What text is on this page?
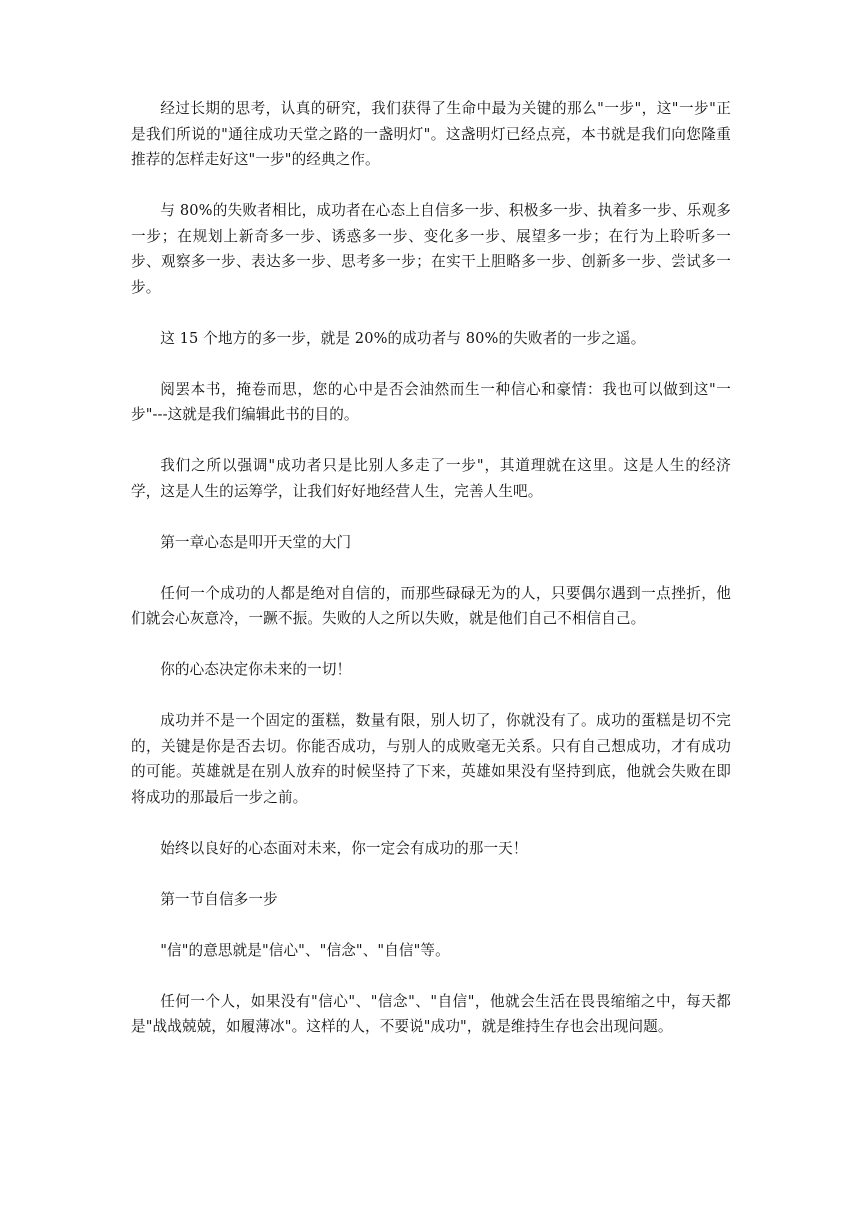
经过长期的思考，认真的研究，我们获得了生命中最为关键的那么"一步"，这"一步"正是我们所说的"通往成功天堂之路的一盏明灯"。这盏明灯已经点亮，本书就是我们向您隆重推荐的怎样走好这"一步"的经典之作。

与 80%的失败者相比，成功者在心态上自信多一步、积极多一步、执着多一步、乐观多一步；在规划上新奇多一步、诱惑多一步、变化多一步、展望多一步；在行为上聆听多一步、观察多一步、表达多一步、思考多一步；在实干上胆略多一步、创新多一步、尝试多一步。

这 15 个地方的多一步，就是 20%的成功者与 80%的失败者的一步之遥。

阅罢本书，掩卷而思，您的心中是否会油然而生一种信心和豪情：我也可以做到这"一步"---这就是我们编辑此书的目的。

我们之所以强调"成功者只是比别人多走了一步"，其道理就在这里。这是人生的经济学，这是人生的运筹学，让我们好好地经营人生，完善人生吧。

第一章心态是叩开天堂的大门

任何一个成功的人都是绝对自信的，而那些碌碌无为的人，只要偶尔遇到一点挫折，他们就会心灰意冷，一蹶不振。失败的人之所以失败，就是他们自己不相信自己。

你的心态决定你未来的一切！

成功并不是一个固定的蛋糕，数量有限，别人切了，你就没有了。成功的蛋糕是切不完的，关键是你是否去切。你能否成功，与别人的成败毫无关系。只有自己想成功，才有成功的可能。英雄就是在别人放弃的时候坚持了下来，英雄如果没有坚持到底，他就会失败在即将成功的那最后一步之前。

始终以良好的心态面对未来，你一定会有成功的那一天！

第一节自信多一步

"信"的意思就是"信心"、"信念"、"自信"等。

任何一个人，如果没有"信心"、"信念"、"自信"，他就会生活在畏畏缩缩之中，每天都是"战战兢兢，如履薄冰"。这样的人，不要说"成功"，就是维持生存也会出现问题。
